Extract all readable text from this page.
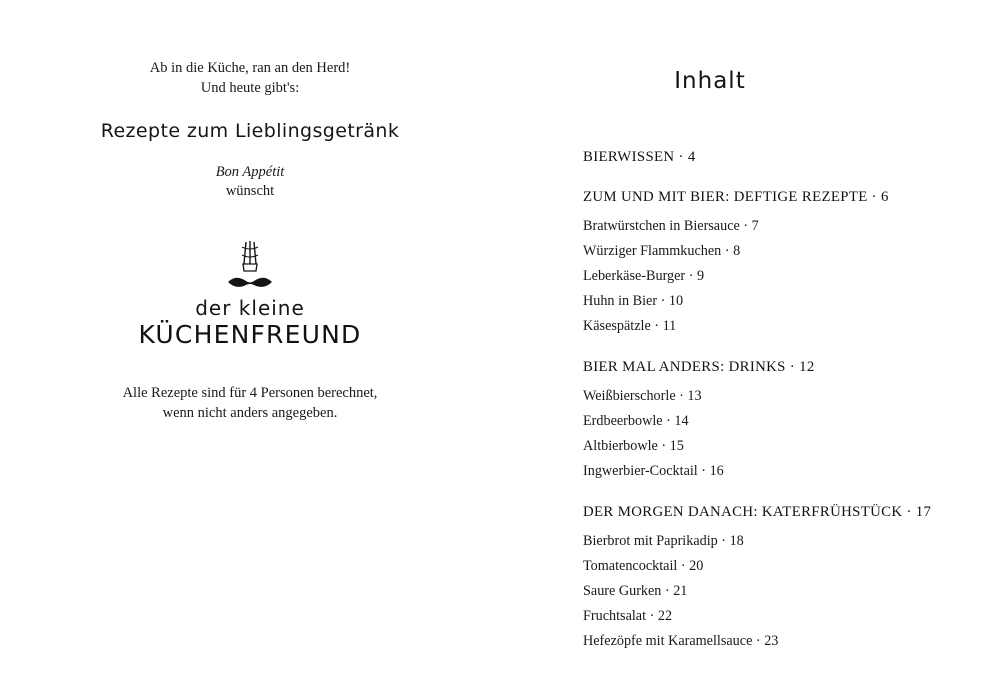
Ab in die Küche, ran an den Herd!
Und heute gibt's:
Rezepte zum Lieblingsgetränk
Bon Appétit
wünscht
der kleine
KÜCHENFREUND
Alle Rezepte sind für 4 Personen berechnet,
wenn nicht anders angegeben.
Inhalt
BIERWISSEN · 4
ZUM UND MIT BIER: DEFTIGE REZEPTE · 6
Bratwürstchen in Biersauce · 7
Würziger Flammkuchen · 8
Leberkäse-Burger · 9
Huhn in Bier · 10
Käsespätzle · 11
BIER MAL ANDERS: DRINKS · 12
Weißbierschorle · 13
Erdbeerbowle · 14
Altbierbowle · 15
Ingwerbier-Cocktail · 16
DER MORGEN DANACH: KATERFRÜHSTÜCK · 17
Bierbrot mit Paprikadip · 18
Tomatencocktail · 20
Saure Gurken · 21
Fruchtsalat · 22
Hefezöpfe mit Karamellsauce · 23
